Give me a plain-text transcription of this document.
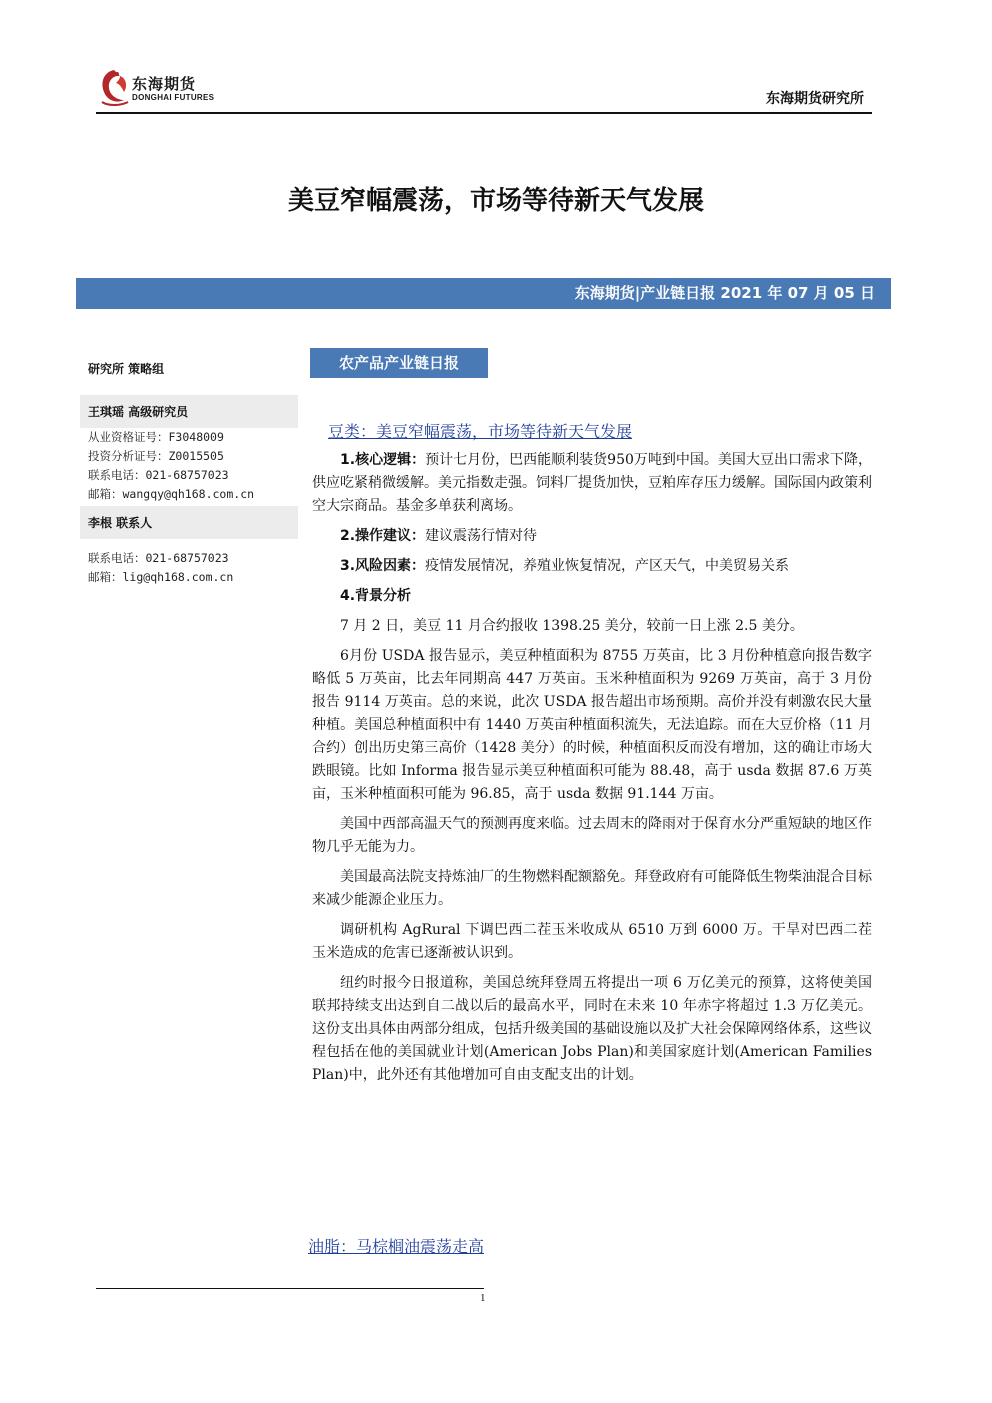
东海期货
DONGHAI FUTURES	东海期货研究所
美豆窄幅震荡，市场等待新天气发展
东海期货|产业链日报 2021 年 07 月 05 日
研究所 策略组
王琪瑶 高级研究员
从业资格证号：F3048009
投资分析证号：Z0015505
联系电话：021-68757023
邮箱：wangqy@qh168.com.cn
李根 联系人
联系电话：021-68757023
邮箱：lig@qh168.com.cn
农产品产业链日报
豆类：美豆窄幅震荡，市场等待新天气发展

1.核心逻辑：预计七月份，巴西能顺利装货950万吨到中国。美国大豆出口需求下降，供应吃紧稍微缓解。美元指数走强。饲料厂提货加快，豆粕库存压力缓解。国际国内政策利空大宗商品。基金多单获利离场。

2.操作建议：建议震荡行情对待

3.风险因素：疫情发展情况，养殖业恢复情况，产区天气，中美贸易关系

4.背景分析

7 月 2 日，美豆 11 月合约报收 1398.25 美分，较前一日上涨 2.5 美分。

6月份 USDA 报告显示，美豆种植面积为 8755 万英亩，比 3 月份种植意向报告数字略低 5 万英亩，比去年同期高 447 万英亩。玉米种植面积为 9269 万英亩，高于 3 月份报告 9114 万英亩。总的来说，此次 USDA 报告超出市场预期。高价并没有刺激农民大量种植。美国总种植面积中有 1440 万英亩种植面积流失，无法追踪。而在大豆价格（11 月合约）创出历史第三高价（1428 美分）的时候，种植面积反而没有增加，这的确让市场大跌眼镜。比如 Informa 报告显示美豆种植面积可能为 88.48，高于 usda 数据 87.6 万英亩，玉米种植面积可能为 96.85，高于 usda 数据 91.144 万亩。

美国中西部高温天气的预测再度来临。过去周末的降雨对于保育水分严重短缺的地区作物几乎无能为力。

美国最高法院支持炼油厂的生物燃料配额豁免。拜登政府有可能降低生物柴油混合目标来减少能源企业压力。

调研机构 AgRural 下调巴西二茬玉米收成从 6510 万到 6000 万。干旱对巴西二茬玉米造成的危害已逐渐被认识到。

纽约时报今日报道称，美国总统拜登周五将提出一项 6 万亿美元的预算，这将使美国联邦持续支出达到自二战以后的最高水平，同时在未来 10 年赤字将超过 1.3 万亿美元。这份支出具体由两部分组成，包括升级美国的基础设施以及扩大社会保障网络体系，这些议程包括在他的美国就业计划(American Jobs Plan)和美国家庭计划(American Families Plan)中，此外还有其他增加可自由支配支出的计划。

油脂：马棕榈油震荡走高
1
